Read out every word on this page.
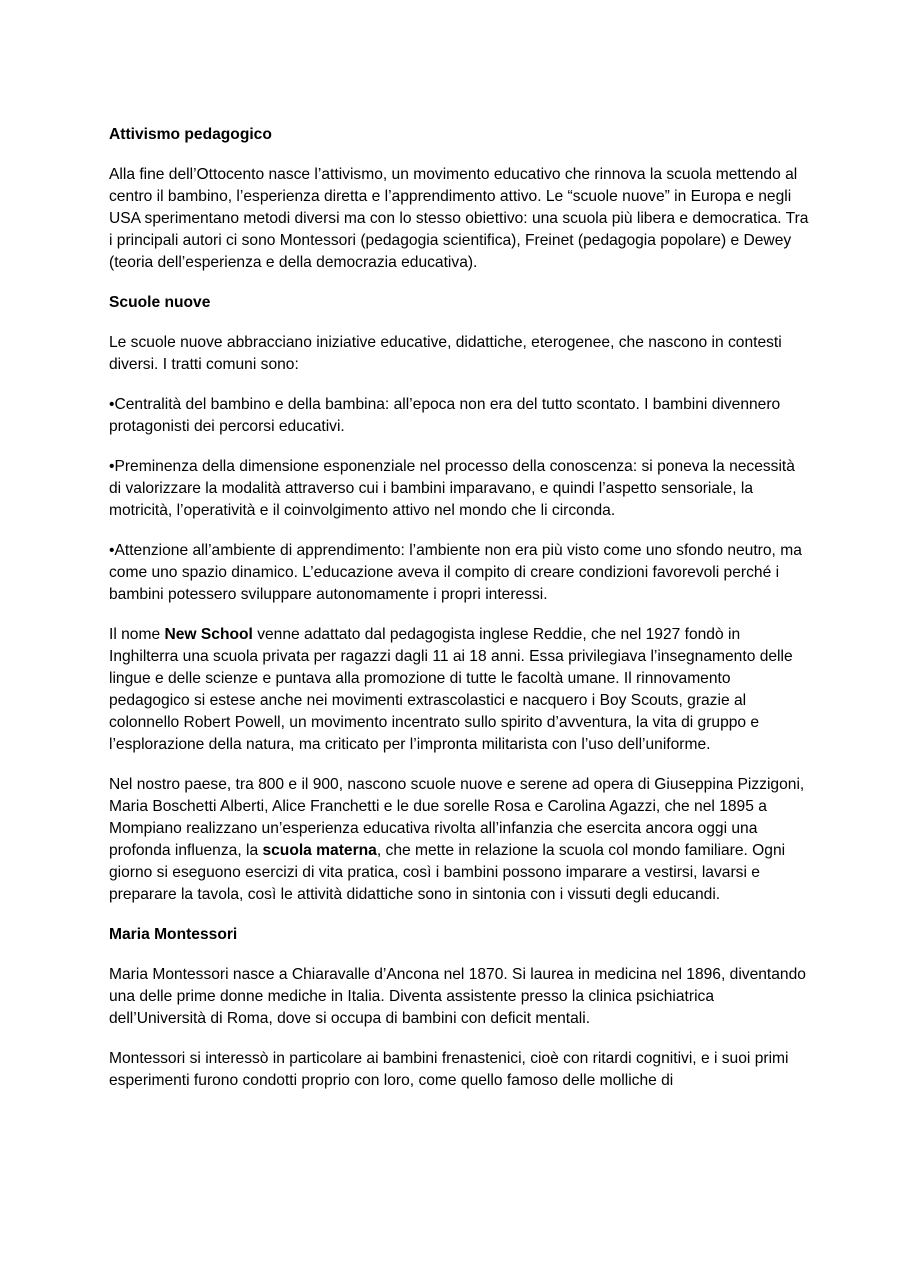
Attivismo pedagogico

Alla fine dell’Ottocento nasce l’attivismo, un movimento educativo che rinnova la scuola mettendo al centro il bambino, l’esperienza diretta e l’apprendimento attivo. Le “scuole nuove” in Europa e negli USA sperimentano metodi diversi ma con lo stesso obiettivo: una scuola più libera e democratica. Tra i principali autori ci sono Montessori (pedagogia scientifica), Freinet (pedagogia popolare) e Dewey (teoria dell’esperienza e della democrazia educativa).

Scuole nuove

Le scuole nuove abbracciano iniziative educative, didattiche, eterogenee, che nascono in contesti diversi. I tratti comuni sono:

•Centralità del bambino e della bambina: all’epoca non era del tutto scontato. I bambini divennero protagonisti dei percorsi educativi.

•Preminenza della dimensione esponenziale nel processo della conoscenza: si poneva la necessità di valorizzare la modalità attraverso cui i bambini imparavano, e quindi l’aspetto sensoriale, la motricità, l’operatività e il coinvolgimento attivo nel mondo che li circonda.

•Attenzione all’ambiente di apprendimento: l’ambiente non era più visto come uno sfondo neutro, ma come uno spazio dinamico. L’educazione aveva il compito di creare condizioni favorevoli perché i bambini potessero sviluppare autonomamente i propri interessi.

Il nome New School venne adattato dal pedagogista inglese Reddie, che nel 1927 fondò in Inghilterra una scuola privata per ragazzi dagli 11 ai 18 anni. Essa privilegiava l’insegnamento delle lingue e delle scienze e puntava alla promozione di tutte le facoltà umane. Il rinnovamento pedagogico si estese anche nei movimenti extrascolastici e nacquero i Boy Scouts, grazie al colonnello Robert Powell, un movimento incentrato sullo spirito d’avventura, la vita di gruppo e l’esplorazione della natura, ma criticato per l’impronta militarista con l’uso dell’uniforme.

Nel nostro paese, tra 800 e il 900, nascono scuole nuove e serene ad opera di Giuseppina Pizzigoni, Maria Boschetti Alberti, Alice Franchetti e le due sorelle Rosa e Carolina Agazzi, che nel 1895 a Mompiano realizzano un’esperienza educativa rivolta all’infanzia che esercita ancora oggi una profonda influenza, la scuola materna, che mette in relazione la scuola col mondo familiare. Ogni giorno si eseguono esercizi di vita pratica, così i bambini possono imparare a vestirsi, lavarsi e preparare la tavola, così le attività didattiche sono in sintonia con i vissuti degli educandi.

Maria Montessori

Maria Montessori nasce a Chiaravalle d’Ancona nel 1870. Si laurea in medicina nel 1896, diventando una delle prime donne mediche in Italia. Diventa assistente presso la clinica psichiatrica dell’Università di Roma, dove si occupa di bambini con deficit mentali.

Montessori si interessò in particolare ai bambini frenastenici, cioè con ritardi cognitivi, e i suoi primi esperimenti furono condotti proprio con loro, come quello famoso delle molliche di
